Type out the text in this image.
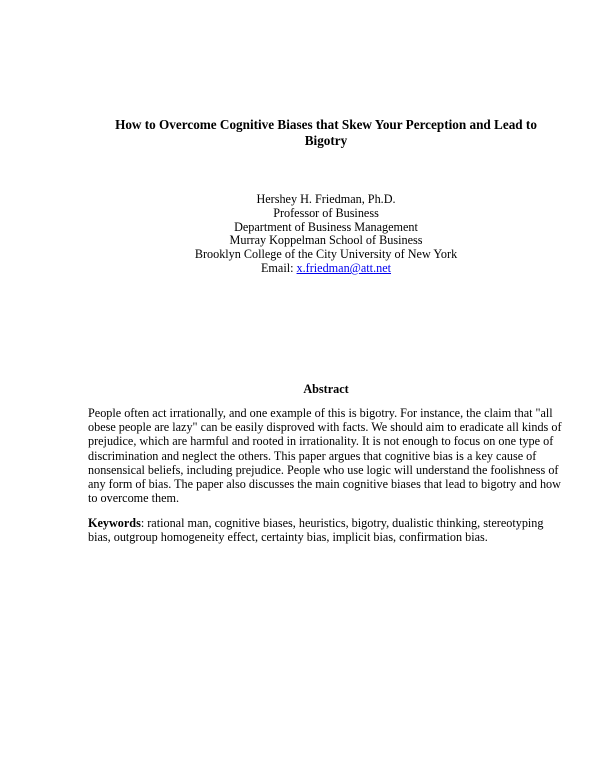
How to Overcome Cognitive Biases that Skew Your Perception and Lead to Bigotry
Hershey H. Friedman, Ph.D.
Professor of Business
Department of Business Management
Murray Koppelman School of Business
Brooklyn College of the City University of New York
Email: x.friedman@att.net
Abstract
People often act irrationally, and one example of this is bigotry. For instance, the claim that "all obese people are lazy" can be easily disproved with facts. We should aim to eradicate all kinds of prejudice, which are harmful and rooted in irrationality. It is not enough to focus on one type of discrimination and neglect the others. This paper argues that cognitive bias is a key cause of nonsensical beliefs, including prejudice. People who use logic will understand the foolishness of any form of bias. The paper also discusses the main cognitive biases that lead to bigotry and how to overcome them.
Keywords: rational man, cognitive biases, heuristics, bigotry, dualistic thinking, stereotyping bias, outgroup homogeneity effect, certainty bias, implicit bias, confirmation bias.
